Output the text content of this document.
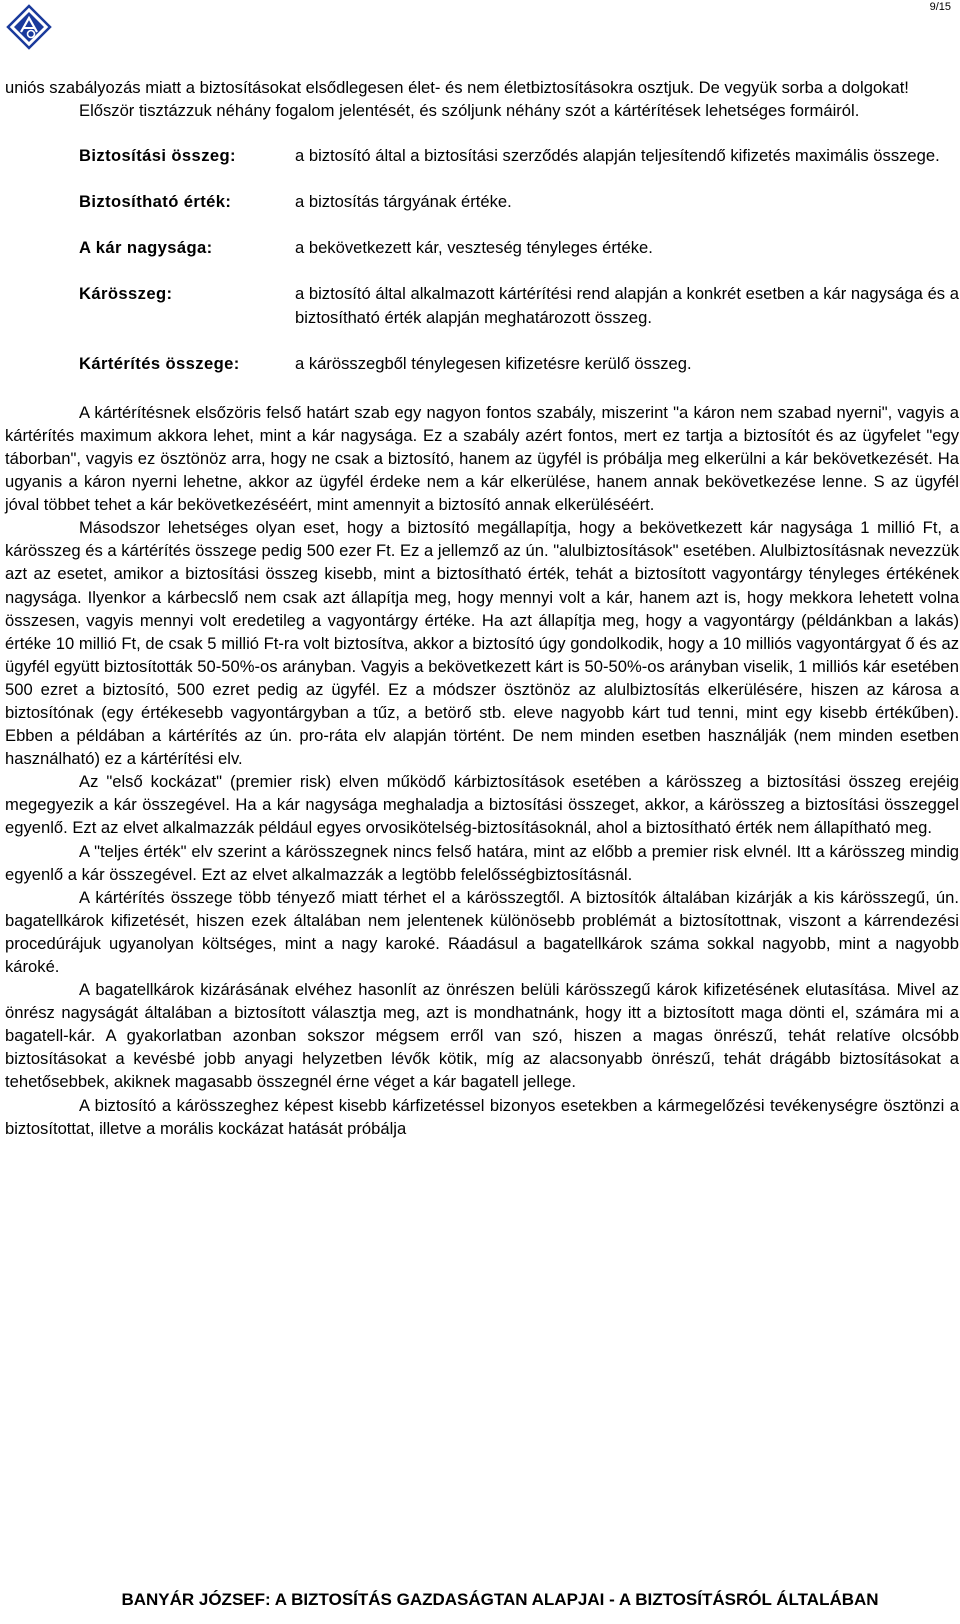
9/15

uniós szabályozás miatt a biztosításokat elsődlegesen élet- és nem életbiztosításokra osztjuk. De vegyük sorba a dolgokat!

Először tisztázzuk néhány fogalom jelentését, és szóljunk néhány szót a kártérítések lehetséges formáiról.

Biztosítási összeg:	a biztosító által a biztosítási szerződés alapján teljesítendő kifizetés maximális összege.
Biztosítható érték:	a biztosítás tárgyának értéke.
A kár nagysága:	a bekövetkezett kár, veszteség tényleges értéke.
Kárösszeg:	a biztosító által alkalmazott kártérítési rend alapján a konkrét esetben a kár nagysága és a biztosítható érték alapján meghatározott összeg.
Kártérítés összege:	a kárösszegből ténylegesen kifizetésre kerülő összeg.

A kártérítésnek elsőzöris felső határt szab egy nagyon fontos szabály, miszerint "a káron nem szabad nyerni", vagyis a kártérítés maximum akkora lehet, mint a kár nagysága. Ez a szabály azért fontos, mert ez tartja a biztosítót és az ügyfelet "egy táborban", vagyis ez ösztönöz arra, hogy ne csak a biztosító, hanem az ügyfél is próbálja meg elkerülni a kár bekövetkezését. Ha ugyanis a káron nyerni lehetne, akkor az ügyfél érdeke nem a kár elkerülése, hanem annak bekövetkezése lenne. S az ügyfél jóval többet tehet a kár bekövetkezéséért, mint amennyit a biztosító annak elkerüléséért.

Másodszor lehetséges olyan eset, hogy a biztosító megállapítja, hogy a bekövetkezett kár nagysága 1 millió Ft, a kárösszeg és a kártérítés összege pedig 500 ezer Ft. Ez a jellemző az ún. "alulbiztosítások" esetében. Alulbiztosításnak nevezzük azt az esetet, amikor a biztosítási összeg kisebb, mint a biztosítható érték, tehát a biztosított vagyontárgy tényleges értékének nagysága. Ilyenkor a kárbecslő nem csak azt állapítja meg, hogy mennyi volt a kár, hanem azt is, hogy mekkora lehetett volna összesen, vagyis mennyi volt eredetileg a vagyontárgy értéke. Ha azt állapítja meg, hogy a vagyontárgy (példánkban a lakás) értéke 10 millió Ft, de csak 5 millió Ft-ra volt biztosítva, akkor a biztosító úgy gondolkodik, hogy a 10 milliós vagyontárgyat ő és az ügyfél együtt biztosították 50-50%-os arányban. Vagyis a bekövetkezett kárt is 50-50%-os arányban viselik, 1 milliós kár esetében 500 ezret a biztosító, 500 ezret pedig az ügyfél. Ez a módszer ösztönöz az alulbiztosítás elkerülésére, hiszen az károsa a biztosítónak (egy értékesebb vagyontárgyban a tűz, a betörő stb. eleve nagyobb kárt tud tenni, mint egy kisebb értékűben). Ebben a példában a kártérítés az ún. pro-ráta elv alapján történt. De nem minden esetben használják (nem minden esetben használható) ez a kártérítési elv.

Az "első kockázat" (premier risk) elven működő kárbiztosítások esetében a kárösszeg a biztosítási összeg erejéig megegyezik a kár összegével. Ha a kár nagysága meghaladja a biztosítási összeget, akkor, a kárösszeg a biztosítási összeggel egyenlő. Ezt az elvet alkalmazzák például egyes orvosikötelség-biztosításoknál, ahol a biztosítható érték nem állapítható meg.

A "teljes érték" elv szerint a kárösszegnek nincs felső határa, mint az előbb a premier risk elvnél. Itt a kárösszeg mindig egyenlő a kár összegével. Ezt az elvet alkalmazzák a legtöbb felelősségbiztosításnál.

A kártérítés összege több tényező miatt térhet el a kárösszegtől. A biztosítók általában kizárják a kis kárösszegű, ún. bagatellkárok kifizetését, hiszen ezek általában nem jelentenek különösebb problémát a biztosítottnak, viszont a kárrendezési procedúrájuk ugyanolyan költséges, mint a nagy karoké. Ráadásul a bagatellkárok száma sokkal nagyobb, mint a nagyobb károké.

A bagatellkárok kizárásának elvéhez hasonlít az önrészen belüli kárösszegű károk kifizetésének elutasítása. Mivel az önrész nagyságát általában a biztosított választja meg, azt is mondhatnánk, hogy itt a biztosított maga dönti el, számára mi a bagatell-kár. A gyakorlatban azonban sokszor mégsem erről van szó, hiszen a magas önrészű, tehát relatíve olcsóbb biztosításokat a kevésbé jobb anyagi helyzetben lévők kötik, míg az alacsonyabb önrészű, tehát drágább biztosításokat a tehetősebbek, akiknek magasabb összegnél érne véget a kár bagatell jellege.

A biztosító a kárösszeghez képest kisebb kárfizetéssel bizonyos esetekben a kármegelőzési tevékenységre ösztönzi a biztosítottat, illetve a morális kockázat hatását próbálja

BANYÁR JÓZSEF: A BIZTOSÍTÁS GAZDASÁGTAN ALAPJAI - A BIZTOSÍTÁSRÓL ÁLTALÁBAN
